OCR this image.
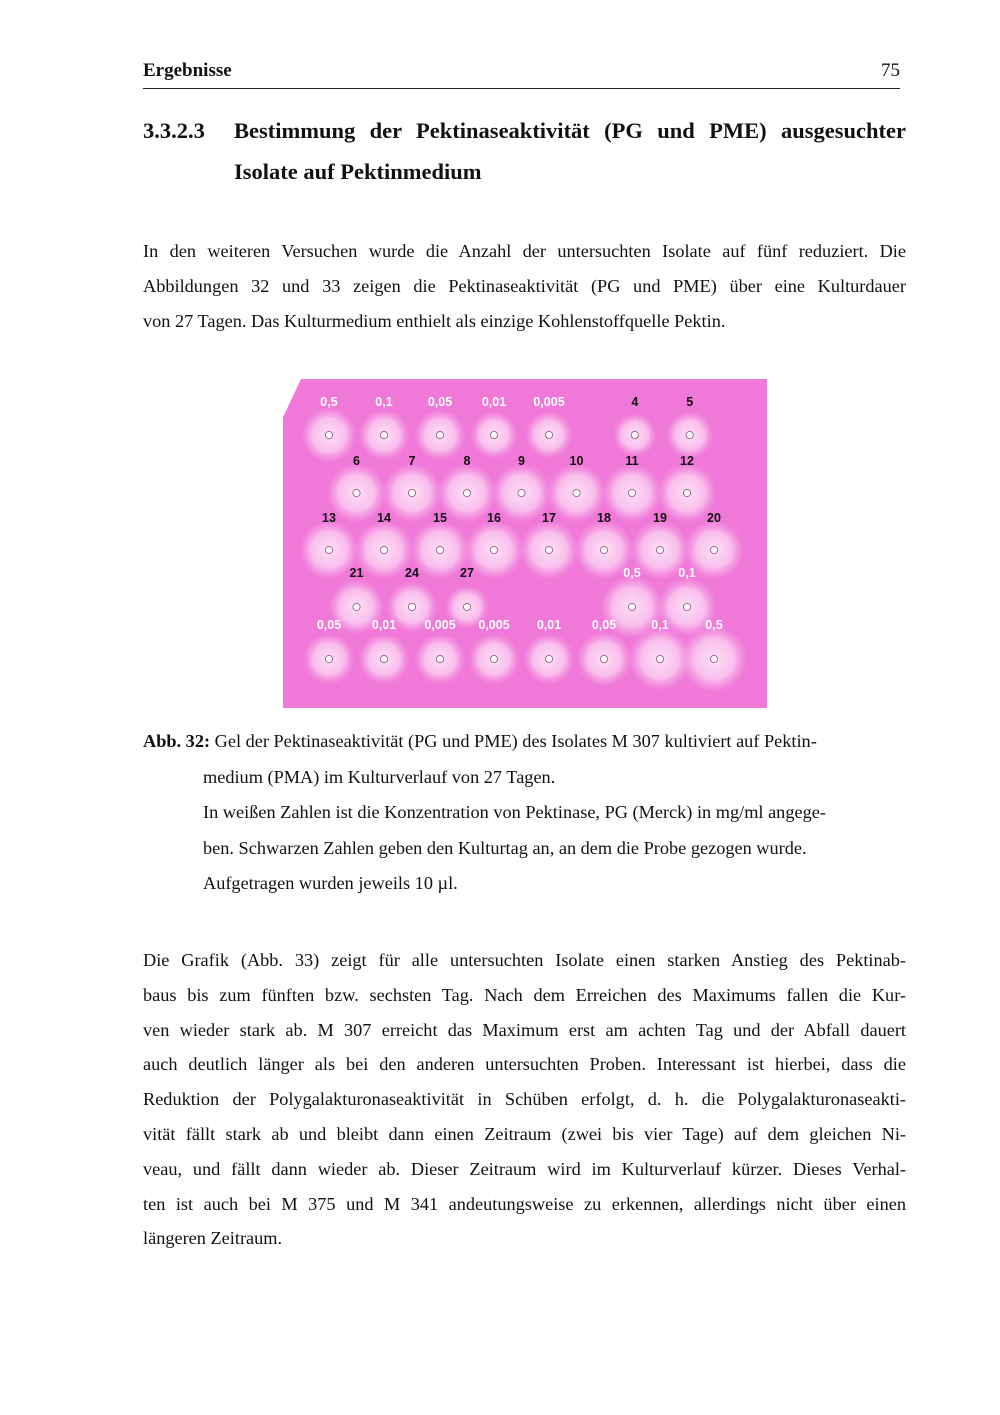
Ergebnisse	75
3.3.2.3 Bestimmung der Pektinaseaktivität (PG und PME) ausgesuchter
Isolate auf Pektinmedium
In den weiteren Versuchen wurde die Anzahl der untersuchten Isolate auf fünf reduziert. Die
Abbildungen 32 und 33 zeigen die Pektinaseaktivität (PG und PME) über eine Kulturdauer
von 27 Tagen. Das Kulturmedium enthielt als einzige Kohlenstoffquelle Pektin.
0,5	0,1	0,05 0,01 0,005	4	5
6	7	8	9	10	11	12
13	14	15	16	17	18	19	20
21	24	27	0,5	0,1
0,05 0,01 0,005 0,005 0,01 0,05	0,1	0,5
Abb. 32: Gel der Pektinaseaktivität (PG und PME) des Isolates M 307 kultiviert auf Pektin-
medium (PMA) im Kulturverlauf von 27 Tagen.
In weißen Zahlen ist die Konzentration von Pektinase, PG (Merck) in mg/ml angege-
ben. Schwarzen Zahlen geben den Kulturtag an, an dem die Probe gezogen wurde.
Aufgetragen wurden jeweils 10 µl.
Die Grafik (Abb. 33) zeigt für alle untersuchten Isolate einen starken Anstieg des Pektinab-
baus bis zum fünften bzw. sechsten Tag. Nach dem Erreichen des Maximums fallen die Kur-
ven wieder stark ab. M 307 erreicht das Maximum erst am achten Tag und der Abfall dauert
auch deutlich länger als bei den anderen untersuchten Proben. Interessant ist hierbei, dass die
Reduktion der Polygalakturonaseaktivität in Schüben erfolgt, d. h. die Polygalakturonaseakti-
vität fällt stark ab und bleibt dann einen Zeitraum (zwei bis vier Tage) auf dem gleichen Ni-
veau, und fällt dann wieder ab. Dieser Zeitraum wird im Kulturverlauf kürzer. Dieses Verhal-
ten ist auch bei M 375 und M 341 andeutungsweise zu erkennen, allerdings nicht über einen
längeren Zeitraum.
